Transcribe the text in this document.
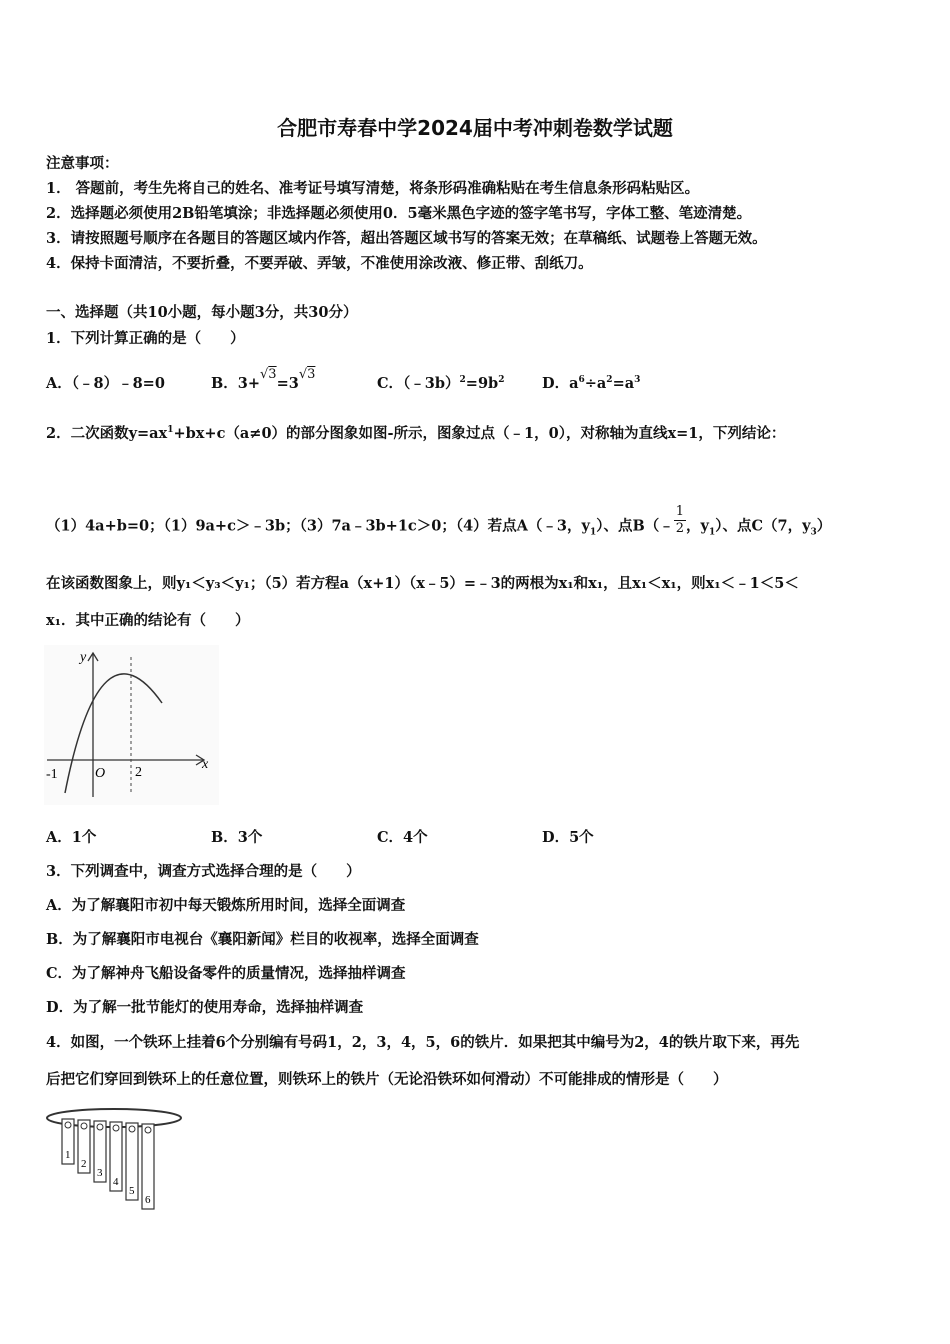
合肥市寿春中学2024届中考冲刺卷数学试题
注意事项：
1． 答题前，考生先将自己的姓名、准考证号填写清楚，将条形码准确粘贴在考生信息条形码粘贴区。
2．选择题必须使用2B铅笔填涂；非选择题必须使用0．5毫米黑色字迹的签字笔书写，字体工整、笔迹清楚。
3．请按照题号顺序在各题目的答题区域内作答，超出答题区域书写的答案无效；在草稿纸、试题卷上答题无效。
4．保持卡面清洁，不要折叠，不要弄破、弄皱，不准使用涂改液、修正带、刮纸刀。
一、选择题（共10小题，每小题3分，共30分）
1．下列计算正确的是（　　）
A．（﹣8）﹣8=0	B．3+√3=3√3
C．$(﹣3b)^2=9b^2$	D．$a^6\div a^2=a^3$
2．二次函数$y=ax^1+bx+c(a\ne 0)$的部分图象如图-所示，图象过点（﹣1，0），对称轴为直线x=1，下列结论：
（1）4a+b=0；（1）9a+c＞﹣3b；（3）7a﹣3b+1c＞0；（4）若点A（﹣3，$y_1$）、点B（﹣ $\frac{1}{2}$ ，$y_1$）、点C（7，$y_3$）
在该函数图象上，则y₁＜y₃＜y₁；（5）若方程a（x+1）（x﹣5）=﹣3的两根为x₁和x₁，且x₁＜x₁，则x₁＜﹣1＜5＜
x₁．其中正确的结论有（　　）
y
x
O
-1	2
A．1个	B．3个	C．4个	D．5个
3．下列调查中，调查方式选择合理的是（　　）
A．为了解襄阳市初中每天锻炼所用时间，选择全面调查
B．为了解襄阳市电视台《襄阳新闻》栏目的收视率，选择全面调查
C．为了解神舟飞船设备零件的质量情况，选择抽样调查
D．为了解一批节能灯的使用寿命，选择抽样调查
4．如图，一个铁环上挂着6个分别编有号码1，2，3，4，5，6的铁片．如果把其中编号为2，4的铁片取下来，再先
后把它们穿回到铁环上的任意位置，则铁环上的铁片（无论沿铁环如何滑动）不可能排成的情形是（　　）
1
2
3
4
5
6
